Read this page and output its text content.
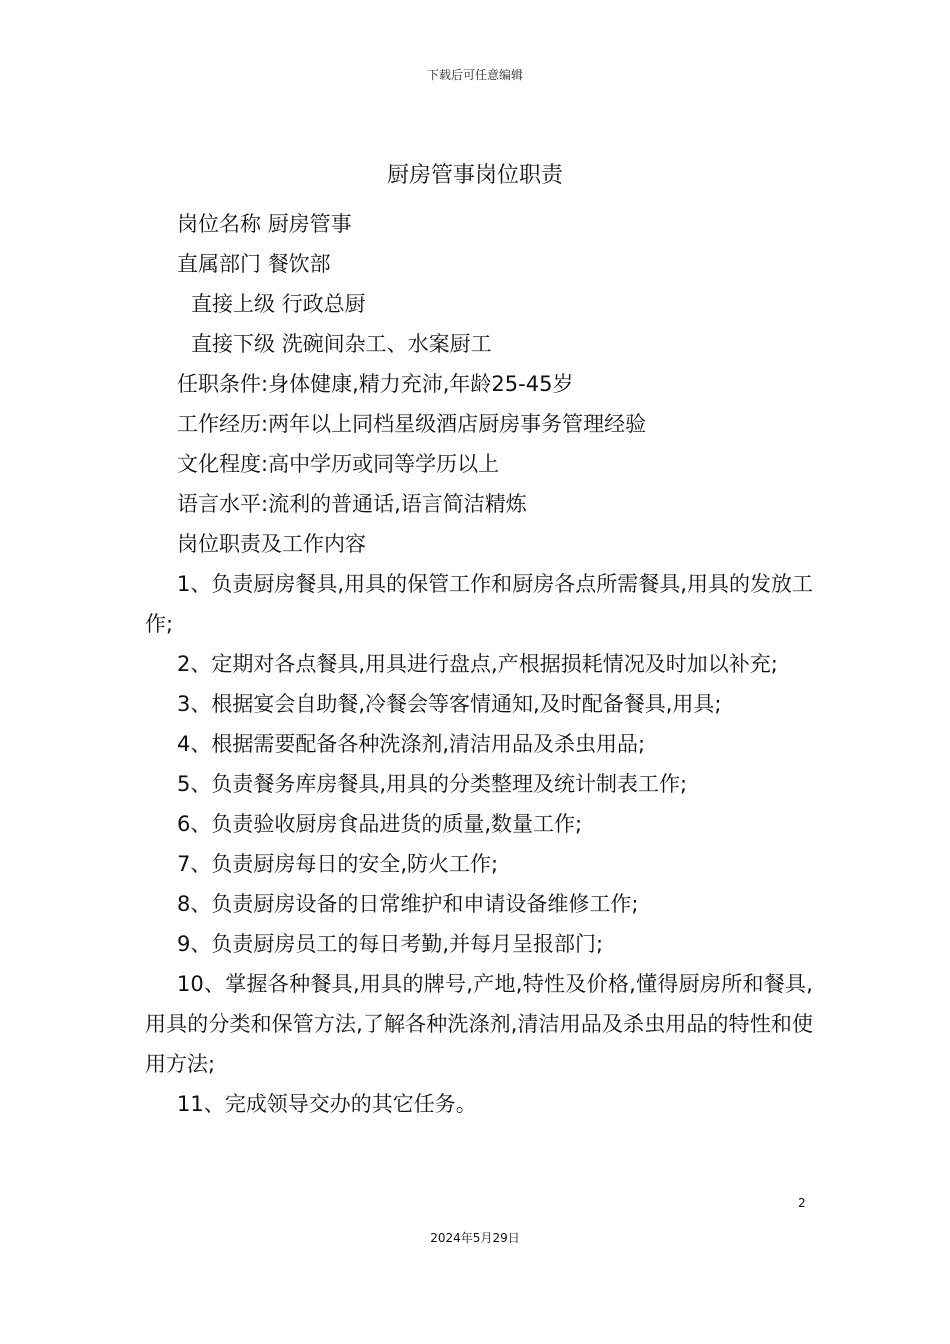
下载后可任意编辑
厨房管事岗位职责
岗位名称 厨房管事
直属部门 餐饮部
直接上级 行政总厨
直接下级 洗碗间杂工、水案厨工
任职条件:身体健康,精力充沛,年龄25-45岁
工作经历:两年以上同档星级酒店厨房事务管理经验
文化程度:高中学历或同等学历以上
语言水平:流利的普通话,语言简洁精炼
岗位职责及工作内容

1、负责厨房餐具,用具的保管工作和厨房各点所需餐具,用具的发放工作;

2、定期对各点餐具,用具进行盘点,产根据损耗情况及时加以补充;

3、根据宴会自助餐,冷餐会等客情通知,及时配备餐具,用具;

4、根据需要配备各种洗涤剂,清洁用品及杀虫用品;

5、负责餐务库房餐具,用具的分类整理及统计制表工作;

6、负责验收厨房食品进货的质量,数量工作;

7、负责厨房每日的安全,防火工作;

8、负责厨房设备的日常维护和申请设备维修工作;

9、负责厨房员工的每日考勤,并每月呈报部门;

10、掌握各种餐具,用具的牌号,产地,特性及价格,懂得厨房所和餐具,用具的分类和保管方法,了解各种洗涤剂,清洁用品及杀虫用品的特性和使用方法;

11、完成领导交办的其它任务。

2
2024年5月29日
